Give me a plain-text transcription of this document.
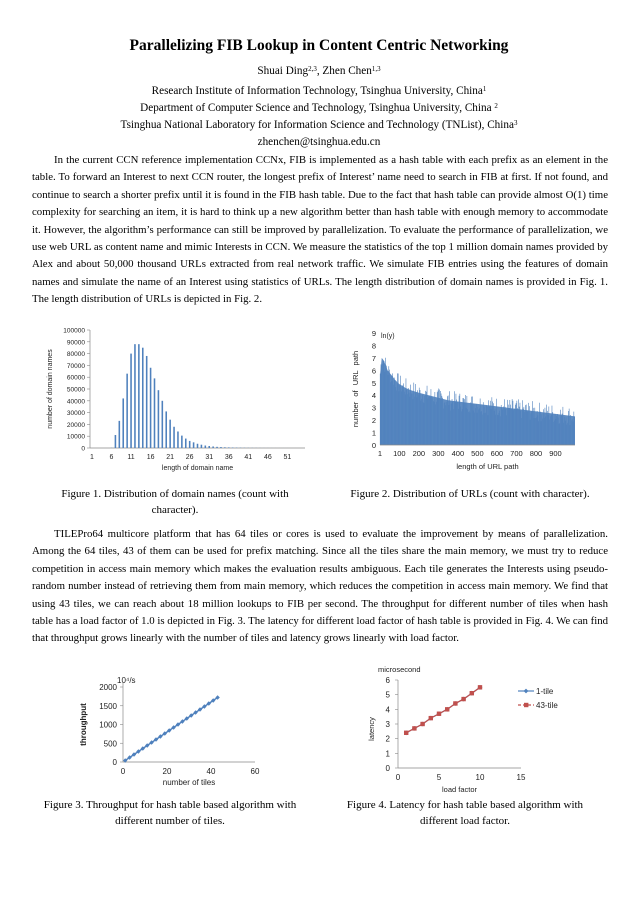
Parallelizing FIB Lookup in Content Centric Networking
Shuai Ding$^{2,3}$, Zhen Chen$^{1,3}$
Research Institute of Information Technology, Tsinghua University, China$^1$
Department of Computer Science and Technology, Tsinghua University, China $^2$
Tsinghua National Laboratory for Information Science and Technology (TNList), China$^3$
zhenchen@tsinghua.edu.cn

In the current CCN reference implementation CCNx, FIB is implemented as a hash table with each prefix as an element in the table. To forward an Interest to next CCN router, the longest prefix of Interest’ name need to search in FIB at first. If not found, and continue to search a shorter prefix until it is found in the FIB hash table. Due to the fact that hash table can provide almost O(1) time complexity for searching an item, it is hard to think up a new algorithm better than hash table with enough memory to accommodate it. However, the algorithm’s performance can still be improved by parallelization. To evaluate the performance of parallelization, we use web URL as content name and mimic Interests in CCN. We measure the statistics of the top 1 million domain names provided by Alex and about 50,000 thousand URLs extracted from real network traffic. We simulate FIB entries using the features of domain names and simulate the name of an Interest using statistics of URLs. The length distribution of domain names is provided in Fig. 1. The length distribution of URLs is depicted in Fig. 2.

0
10000
20000
30000
40000
50000
60000
70000
80000
90000
100000
1 6 11 16 21 26 31 36 41 46 51
length of domain name
number of domain names
Figure 1. Distribution of domain names (count with character).
0
1
2
3
4
5
6
7
8
9 ln(y)
1 100 200 300 400 500 600 700 800 900
length of URL path
number of URL path
Figure 2. Distribution of URLs (count with character).

TILEPro64 multicore platform that has 64 tiles or cores is used to evaluate the improvement by means of parallelization. Among the 64 tiles, 43 of them can be used for prefix matching. Since all the tiles share the main memory, we must try to reduce competition in access main memory which makes the evaluation results ambiguous. Each tile generates the Interests using pseudo-random number instead of retrieving them from main memory, which reduces the competition in access main memory. We find that using 43 tiles, we can reach about 18 million lookups to FIB per second. The throughput for different number of tiles when hash table has a load factor of 1.0 is depicted in Fig. 3. The latency for different load factor of hash table is provided in Fig. 4. We can find that throughput grows linearly with the number of tiles and latency grows linearly with load factor.

0
500
1000
1500
2000
0	20	40	60
number of tiles
10⁴/s
throughput
Figure 3. Throughput for hash table based algorithm with different number of tiles.
0
1
2
3
4
5
6
0	5	10	15
load factor
microsecond
latency
1-tile
43-tile
Figure 4. Latency for hash table based algorithm with different load factor.
